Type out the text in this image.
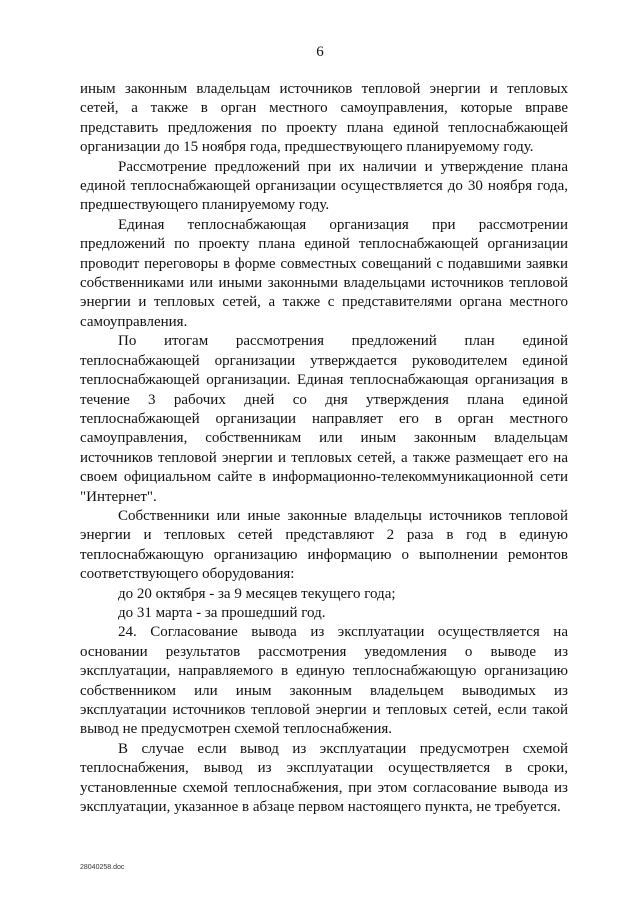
6

иным законным владельцам источников тепловой энергии и тепловых сетей, а также в орган местного самоуправления, которые вправе представить предложения по проекту плана единой теплоснабжающей организации до 15 ноября года, предшествующего планируемому году.

Рассмотрение предложений при их наличии и утверждение плана единой теплоснабжающей организации осуществляется до 30 ноября года, предшествующего планируемому году.

Единая теплоснабжающая организация при рассмотрении предложений по проекту плана единой теплоснабжающей организации проводит переговоры в форме совместных совещаний с подавшими заявки собственниками или иными законными владельцами источников тепловой энергии и тепловых сетей, а также с представителями органа местного самоуправления.

По итогам рассмотрения предложений план единой теплоснабжающей организации утверждается руководителем единой теплоснабжающей организации. Единая теплоснабжающая организация в течение 3 рабочих дней со дня утверждения плана единой теплоснабжающей организации направляет его в орган местного самоуправления, собственникам или иным законным владельцам источников тепловой энергии и тепловых сетей, а также размещает его на своем официальном сайте в информационно-телекоммуникационной сети "Интернет".

Собственники или иные законные владельцы источников тепловой энергии и тепловых сетей представляют 2 раза в год в единую теплоснабжающую организацию информацию о выполнении ремонтов соответствующего оборудования:

до 20 октября - за 9 месяцев текущего года;

до 31 марта - за прошедший год.

24. Согласование вывода из эксплуатации осуществляется на основании результатов рассмотрения уведомления о выводе из эксплуатации, направляемого в единую теплоснабжающую организацию собственником или иным законным владельцем выводимых из эксплуатации источников тепловой энергии и тепловых сетей, если такой вывод не предусмотрен схемой теплоснабжения.

В случае если вывод из эксплуатации предусмотрен схемой теплоснабжения, вывод из эксплуатации осуществляется в сроки, установленные схемой теплоснабжения, при этом согласование вывода из эксплуатации, указанное в абзаце первом настоящего пункта, не требуется.

28040258.doc
